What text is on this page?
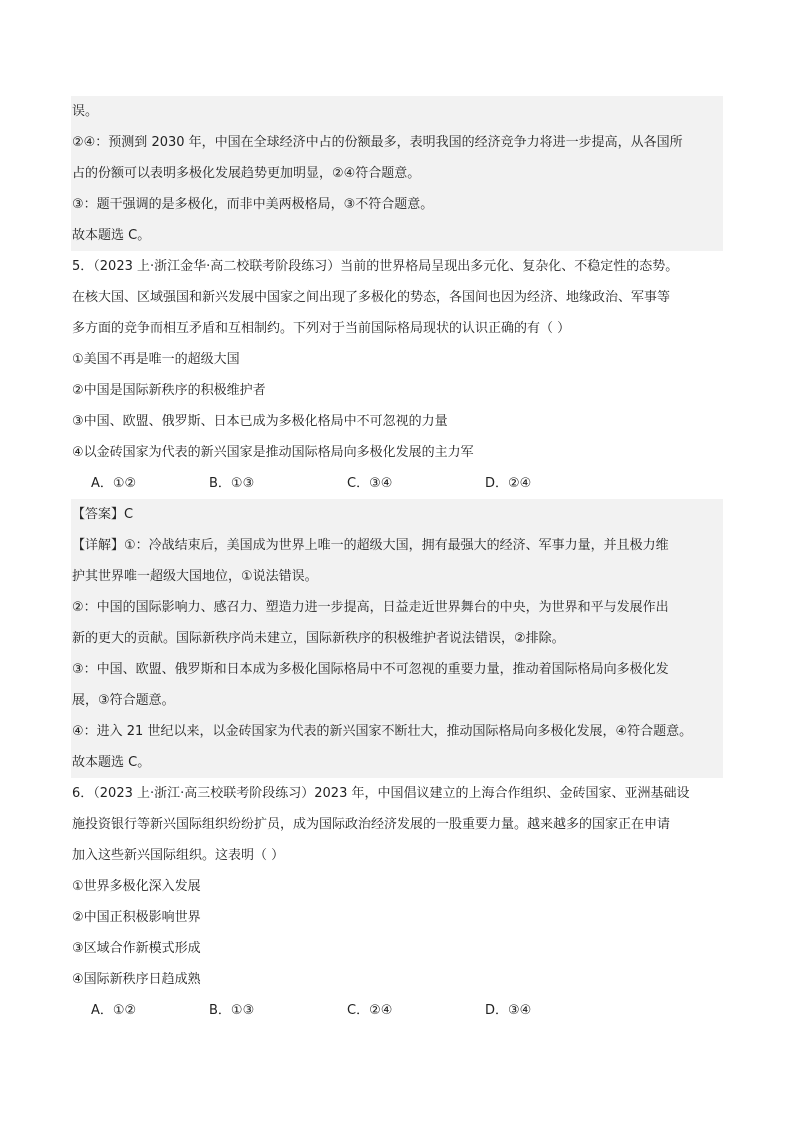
误。
②④：预测到 2030 年，中国在全球经济中占的份额最多，表明我国的经济竞争力将进一步提高，从各国所
占的份额可以表明多极化发展趋势更加明显，②④符合题意。
③：题干强调的是多极化，而非中美两极格局，③不符合题意。
故本题选 C。
5．（2023 上·浙江金华·高二校联考阶段练习）当前的世界格局呈现出多元化、复杂化、不稳定性的态势。
在核大国、区域强国和新兴发展中国家之间出现了多极化的势态，各国间也因为经济、地缘政治、军事等
多方面的竞争而相互矛盾和互相制约。下列对于当前国际格局现状的认识正确的有（ ）
①美国不再是唯一的超级大国
②中国是国际新秩序的积极维护者
③中国、欧盟、俄罗斯、日本已成为多极化格局中不可忽视的力量
④以金砖国家为代表的新兴国家是推动国际格局向多极化发展的主力军
A．①②	B．①③	C．③④	D．②④
【答案】C
【详解】①：冷战结束后，美国成为世界上唯一的超级大国，拥有最强大的经济、军事力量，并且极力维
护其世界唯一超级大国地位，①说法错误。
②：中国的国际影响力、感召力、塑造力进一步提高，日益走近世界舞台的中央，为世界和平与发展作出
新的更大的贡献。国际新秩序尚未建立，国际新秩序的积极维护者说法错误，②排除。
③：中国、欧盟、俄罗斯和日本成为多极化国际格局中不可忽视的重要力量，推动着国际格局向多极化发
展，③符合题意。
④：进入 21 世纪以来，以金砖国家为代表的新兴国家不断壮大，推动国际格局向多极化发展，④符合题意。
故本题选 C。
6．（2023 上·浙江·高三校联考阶段练习）2023 年，中国倡议建立的上海合作组织、金砖国家、亚洲基础设
施投资银行等新兴国际组织纷纷扩员，成为国际政治经济发展的一股重要力量。越来越多的国家正在申请
加入这些新兴国际组织。这表明（ ）
①世界多极化深入发展
②中国正积极影响世界
③区域合作新模式形成
④国际新秩序日趋成熟
A．①②	B．①③	C．②④	D．③④
